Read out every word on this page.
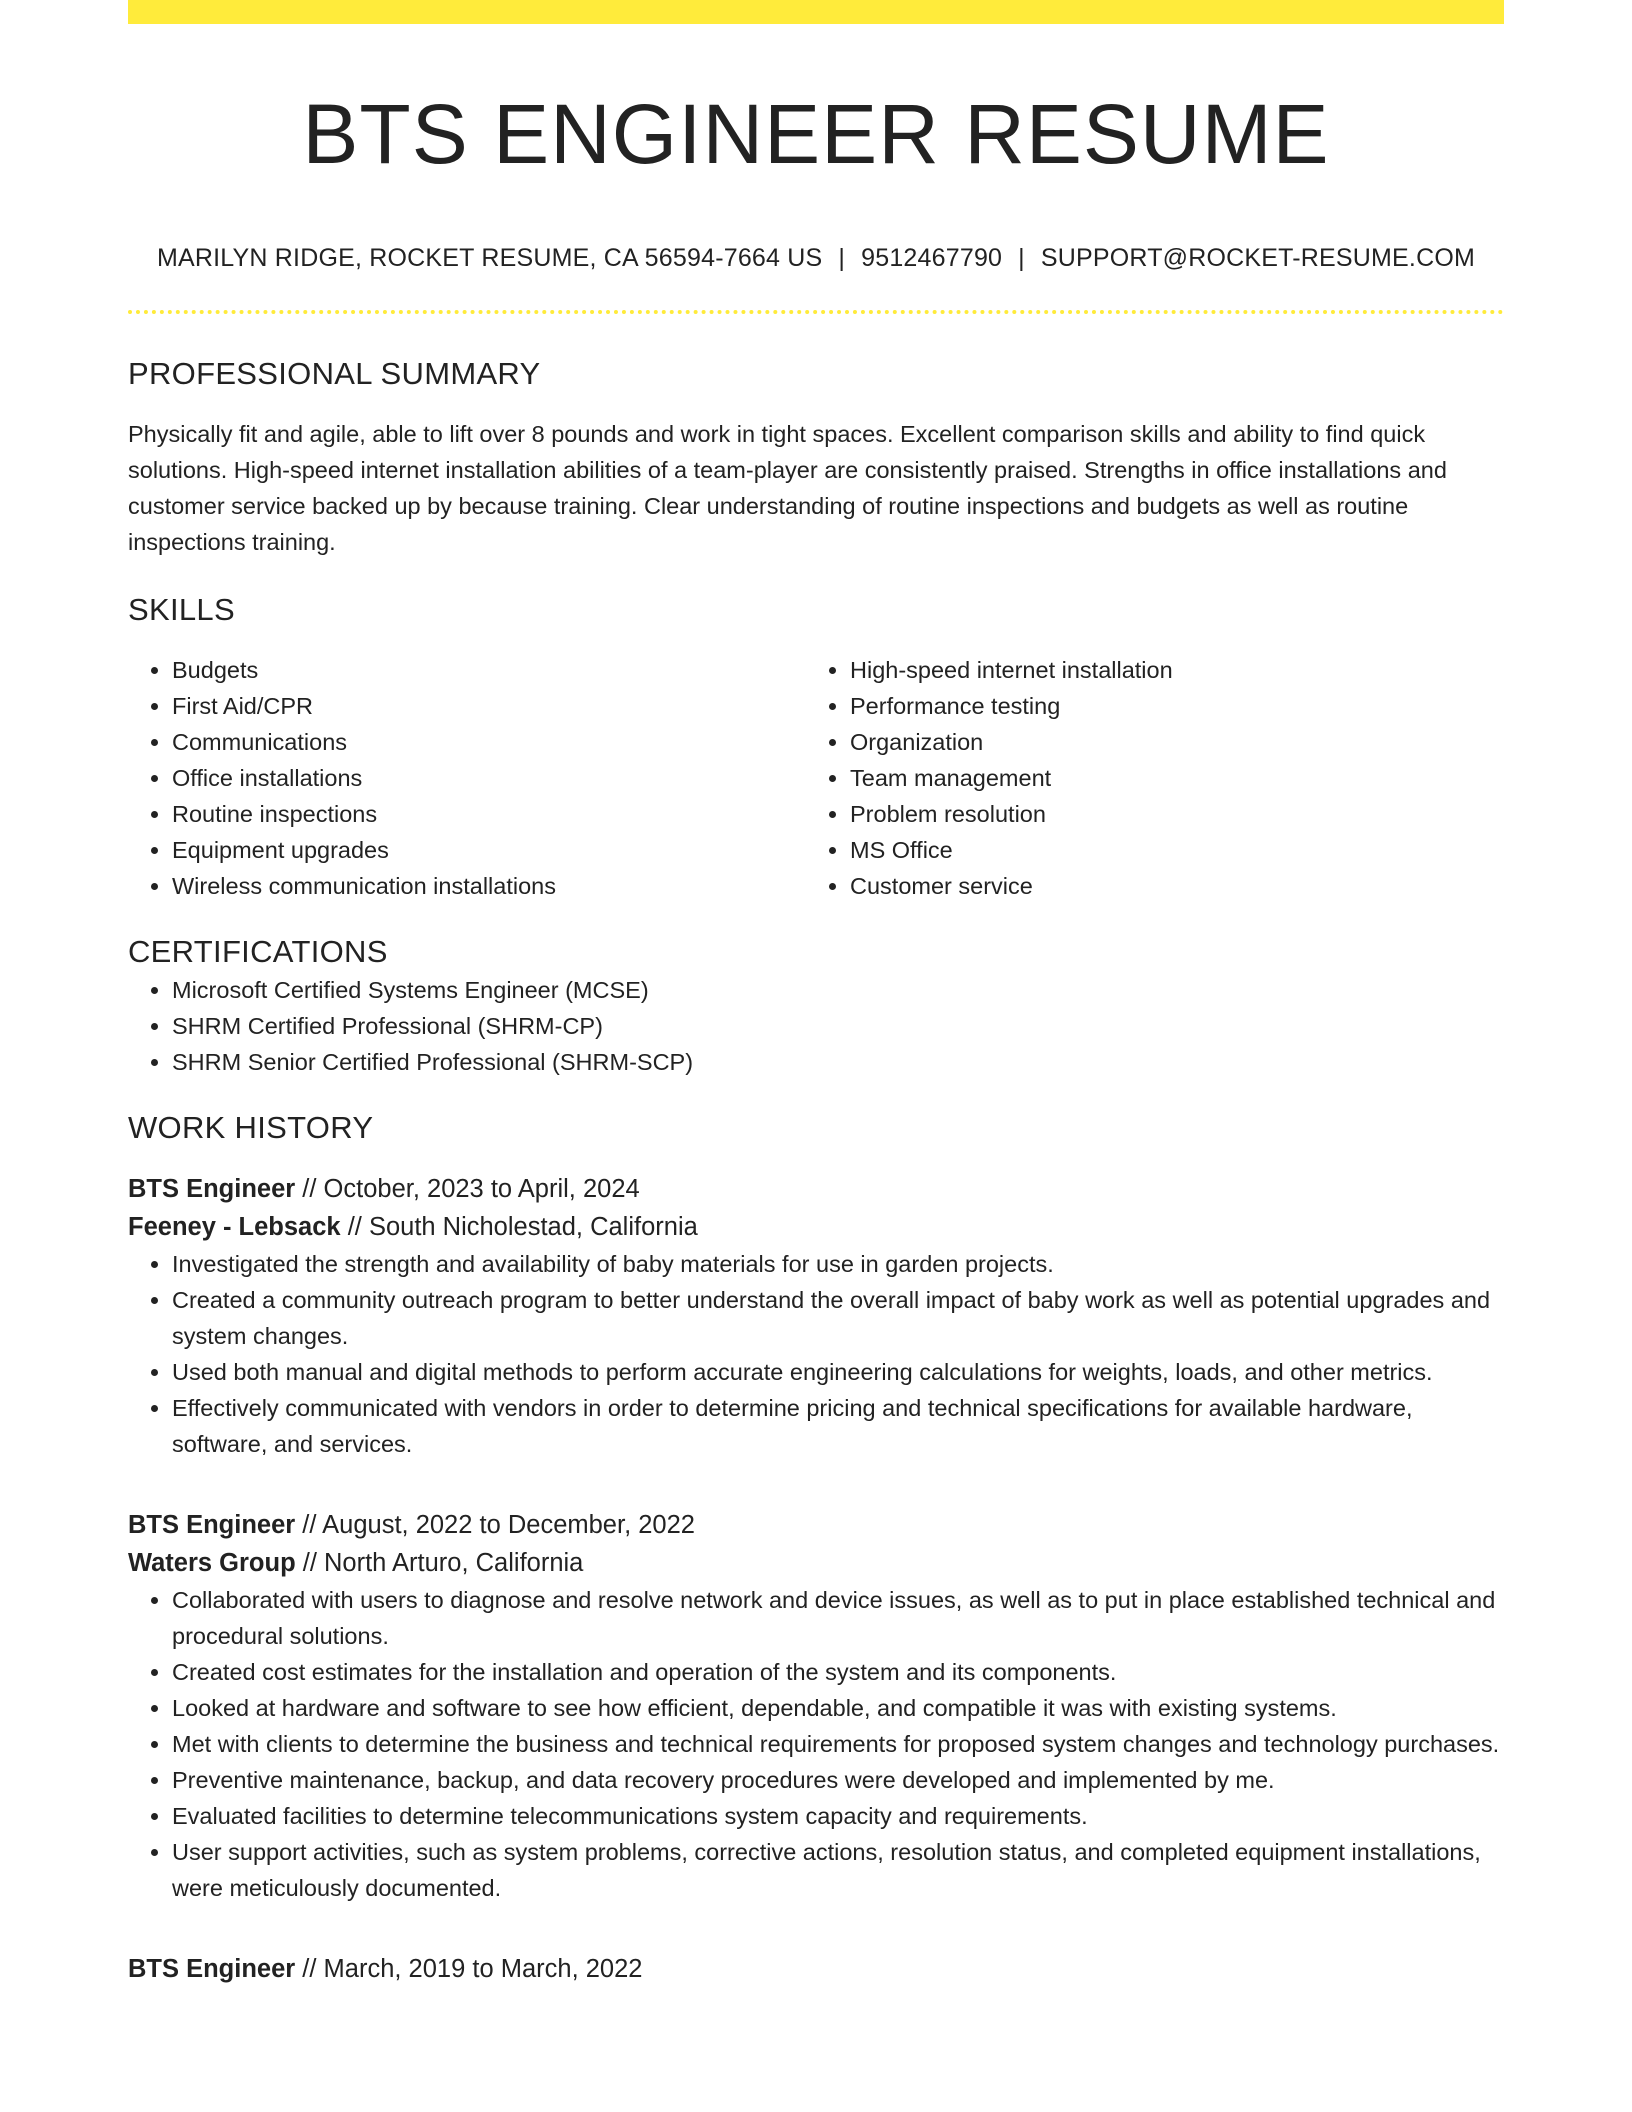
BTS ENGINEER RESUME
MARILYN RIDGE, ROCKET RESUME, CA 56594-7664 US | 9512467790 | SUPPORT@ROCKET-RESUME.COM
PROFESSIONAL SUMMARY

Physically fit and agile, able to lift over 8 pounds and work in tight spaces. Excellent comparison skills and ability to find quick solutions. High-speed internet installation abilities of a team-player are consistently praised. Strengths in office installations and customer service backed up by because training. Clear understanding of routine inspections and budgets as well as routine inspections training.

SKILLS
• Budgets
• First Aid/CPR
• Communications
• Office installations
• Routine inspections
• Equipment upgrades
• Wireless communication installations
• High-speed internet installation
• Performance testing
• Organization
• Team management
• Problem resolution
• MS Office
• Customer service
CERTIFICATIONS
• Microsoft Certified Systems Engineer (MCSE)
• SHRM Certified Professional (SHRM-CP)
• SHRM Senior Certified Professional (SHRM-SCP)
WORK HISTORY
BTS Engineer // October, 2023 to April, 2024
Feeney - Lebsack // South Nicholestad, California
• Investigated the strength and availability of baby materials for use in garden projects.
• Created a community outreach program to better understand the overall impact of baby work as well as potential upgrades and system changes.
• Used both manual and digital methods to perform accurate engineering calculations for weights, loads, and other metrics.
• Effectively communicated with vendors in order to determine pricing and technical specifications for available hardware, software, and services.
BTS Engineer // August, 2022 to December, 2022
Waters Group // North Arturo, California
• Collaborated with users to diagnose and resolve network and device issues, as well as to put in place established technical and procedural solutions.
• Created cost estimates for the installation and operation of the system and its components.
• Looked at hardware and software to see how efficient, dependable, and compatible it was with existing systems.
• Met with clients to determine the business and technical requirements for proposed system changes and technology purchases.
• Preventive maintenance, backup, and data recovery procedures were developed and implemented by me.
• Evaluated facilities to determine telecommunications system capacity and requirements.
• User support activities, such as system problems, corrective actions, resolution status, and completed equipment installations, were meticulously documented.
BTS Engineer // March, 2019 to March, 2022
